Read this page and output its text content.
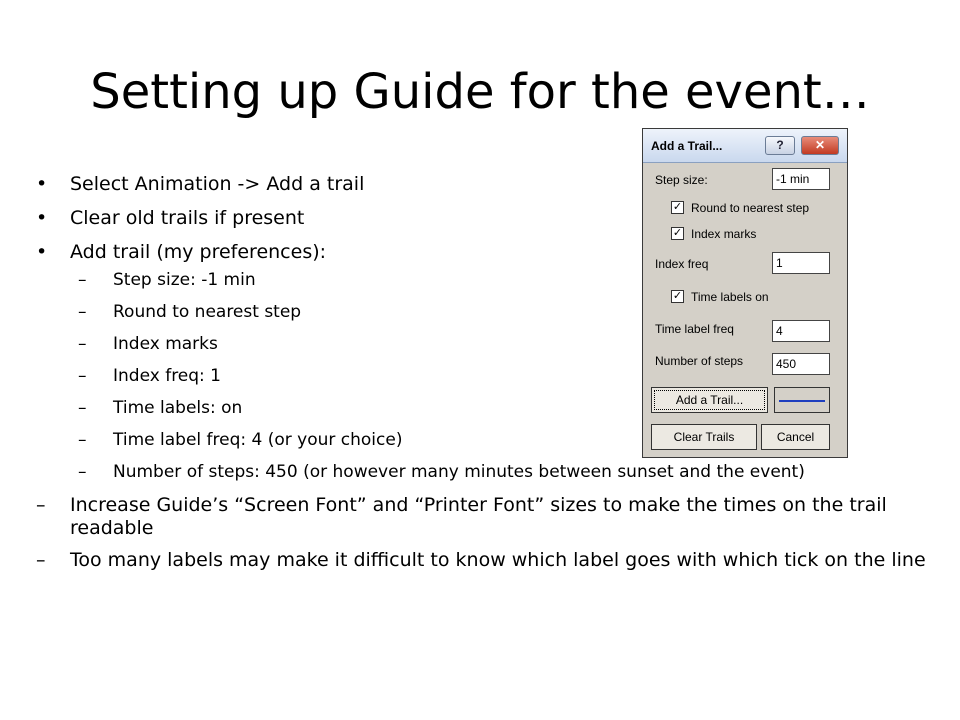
Setting up Guide for the event…
• Select Animation -> Add a trail
• Clear old trails if present
• Add trail (my preferences):
– Step size: -1 min
– Round to nearest step
– Index marks
– Index freq: 1
– Time labels: on
– Time label freq: 4 (or your choice)
– Number of steps: 450 (or however many minutes between sunset and the event)
– Increase Guide’s “Screen Font” and “Printer Font” sizes to make the times on the trail readable
– Too many labels may make it difficult to know which label goes with which tick on the line
Add a Trail...	?	✕
Step size:	-1 min
✓ Round to nearest step
✓ Index marks
Index freq	1
✓ Time labels on
Time label freq	4
Number of steps	450
Add a Trail...
Clear Trails	Cancel
